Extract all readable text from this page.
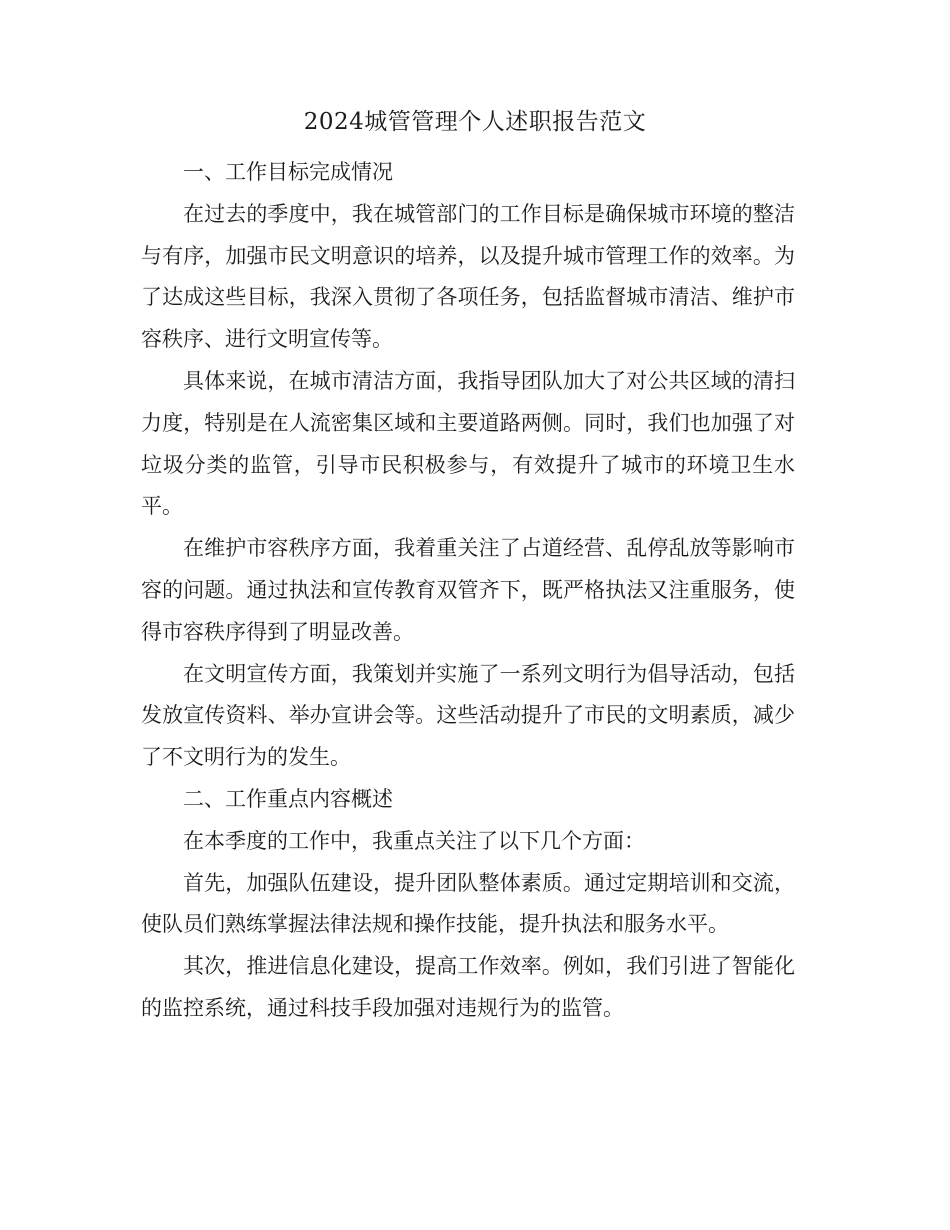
2024城管管理个人述职报告范文

一、工作目标完成情况

在过去的季度中，我在城管部门的工作目标是确保城市环境的整洁与有序，加强市民文明意识的培养，以及提升城市管理工作的效率。为了达成这些目标，我深入贯彻了各项任务，包括监督城市清洁、维护市容秩序、进行文明宣传等。

具体来说，在城市清洁方面，我指导团队加大了对公共区域的清扫力度，特别是在人流密集区域和主要道路两侧。同时，我们也加强了对垃圾分类的监管，引导市民积极参与，有效提升了城市的环境卫生水平。

在维护市容秩序方面，我着重关注了占道经营、乱停乱放等影响市容的问题。通过执法和宣传教育双管齐下，既严格执法又注重服务，使得市容秩序得到了明显改善。

在文明宣传方面，我策划并实施了一系列文明行为倡导活动，包括发放宣传资料、举办宣讲会等。这些活动提升了市民的文明素质，减少了不文明行为的发生。

二、工作重点内容概述

在本季度的工作中，我重点关注了以下几个方面：

首先，加强队伍建设，提升团队整体素质。通过定期培训和交流，使队员们熟练掌握法律法规和操作技能，提升执法和服务水平。

其次，推进信息化建设，提高工作效率。例如，我们引进了智能化的监控系统，通过科技手段加强对违规行为的监管。
